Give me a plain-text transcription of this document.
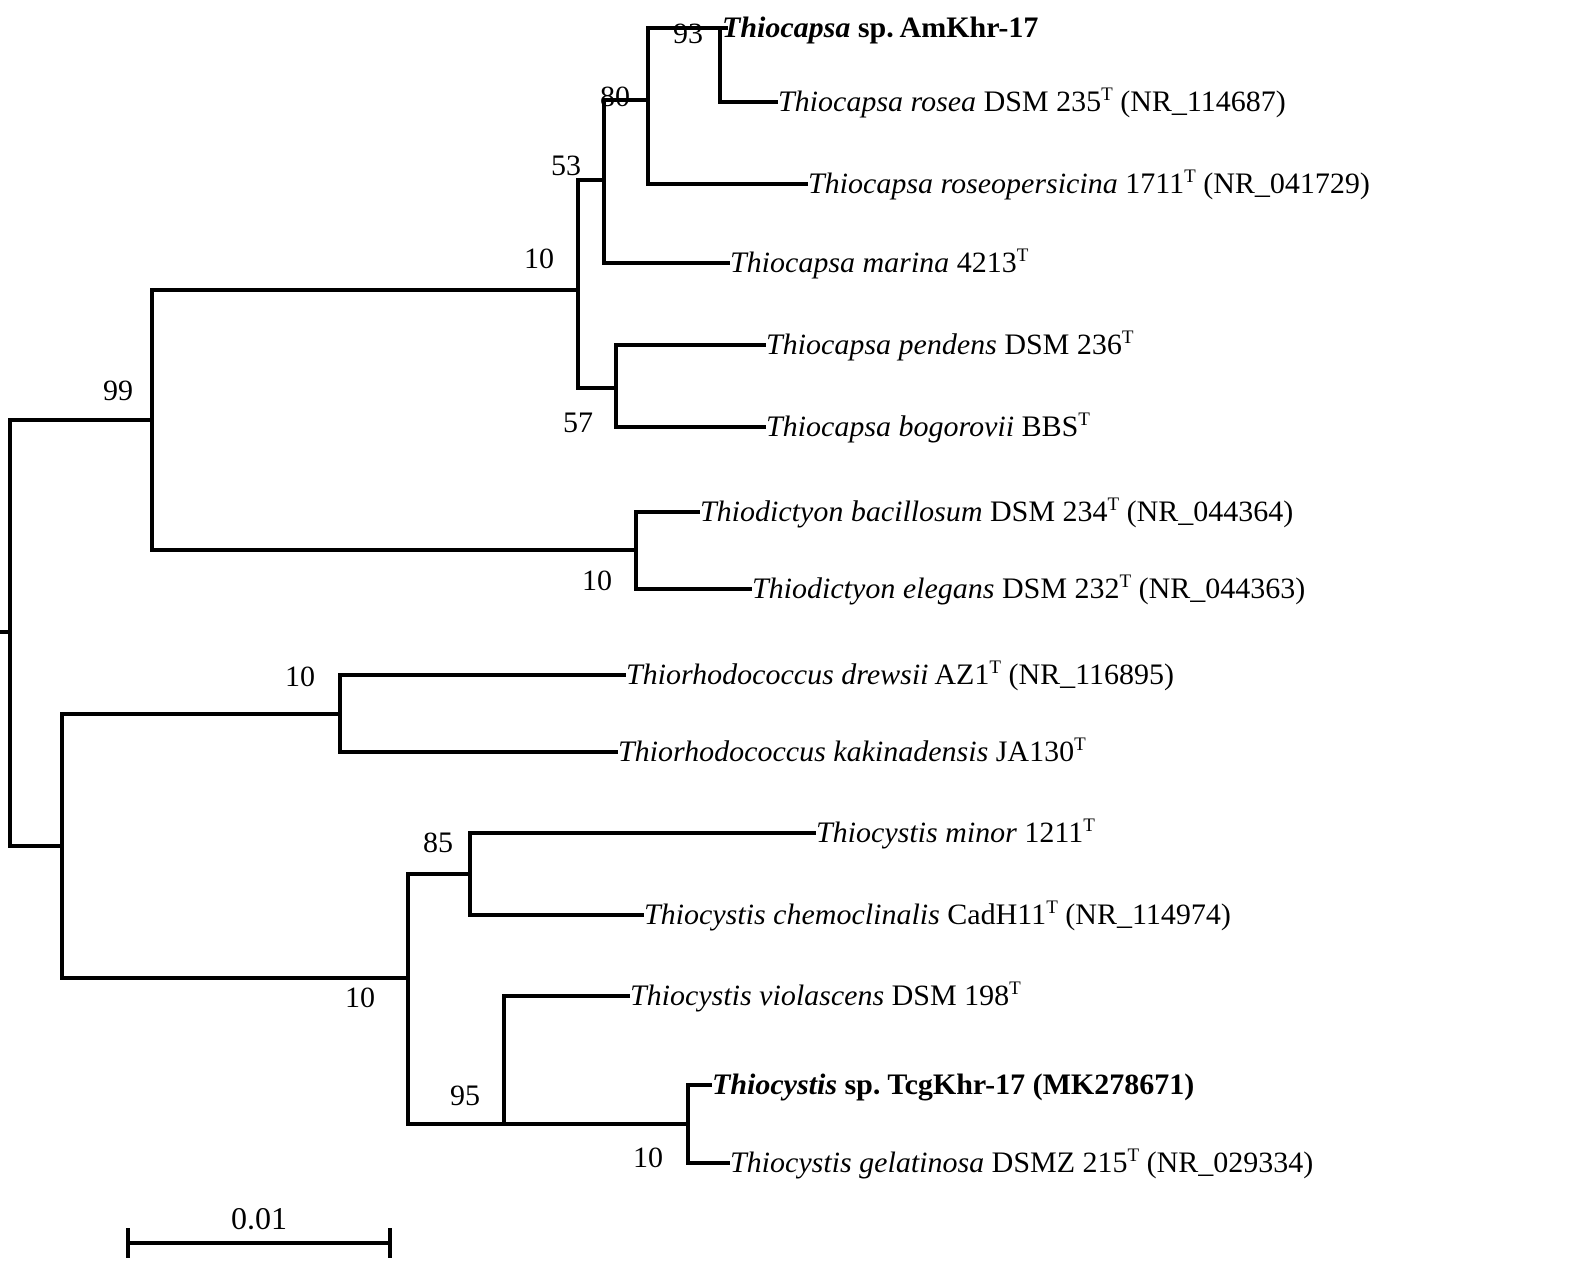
Thiocapsa sp. AmKhr-17
Thiocapsa rosea DSM $235^T$ (NR_114687)
Thiocapsa roseopersicina $1711^T$ (NR_041729)
Thiocapsa marina $4213^T$
Thiocapsa pendens DSM $236^T$
Thiocapsa bogorovii $BBS^T$
Thiodictyon bacillosum DSM $234^T$ (NR_044364)
Thiodictyon elegans DSM $232^T$ (NR_044363)
Thiorhodococcus drewsii $AZ1^T$ (NR_116895)
Thiorhodococcus kakinadensis $JA130^T$
Thiocystis minor $1211^T$
Thiocystis chemoclinalis $CadH11^T$ (NR_114974)
Thiocystis violascens DSM $198^T$
Thiocystis sp. TcgKhr-17 (MK278671)
Thiocystis gelatinosa DSMZ $215^T$ (NR_029334)
93
80
53
10
57
99
10
10
85
10
95
10
0.01
